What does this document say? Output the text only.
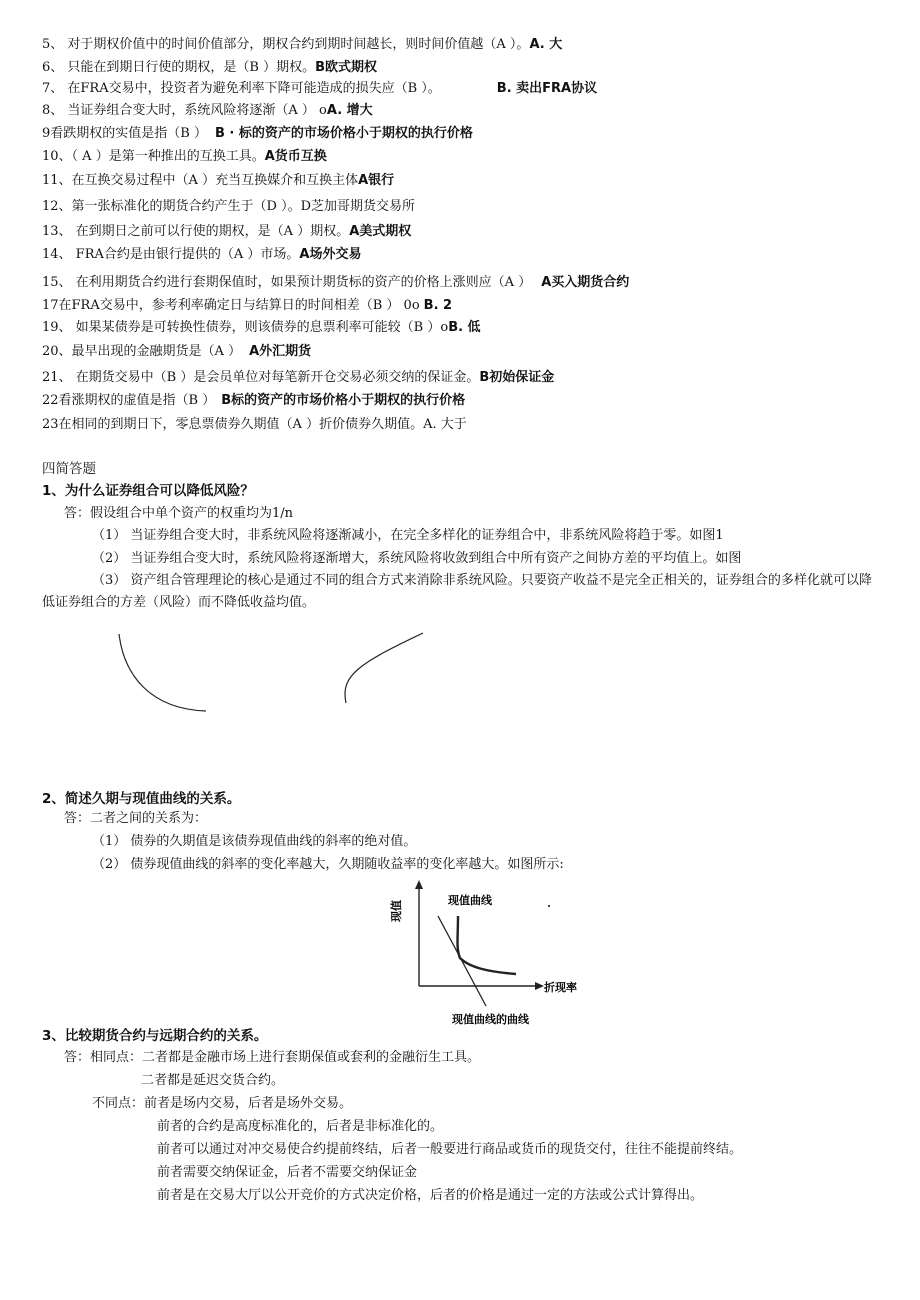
5、 对于期权价值中的时间价值部分，期权合约到期时间越长，则时间价值越（A ）。A. 大
6、 只能在到期日行使的期权，是（B ）期权。B欧式期权
7、 在FRA交易中，投资者为避免利率下降可能造成的损失应（B ）。	B. 卖出FRA协议
8、 当证券组合变大时，系统风险将逐渐（A ） oA. 增大
9看跌期权的实值是指（B ） B · 标的资产的市场价格小于期权的执行价格
10、（ A ）是第一种推出的互换工具。A货币互换
11、在互换交易过程中（A ）充当互换媒介和互换主体A银行
12、第一张标准化的期货合约产生于（D ）。D芝加哥期货交易所
13、 在到期日之前可以行使的期权，是（A ）期权。A美式期权
14、 FRA合约是由银行提供的（A ）市场。A场外交易
15、 在利用期货合约进行套期保值时，如果预计期货标的资产的价格上涨则应（A ） A买入期货合约
17在FRA交易中，参考利率确定日与结算日的时间相差（B ） 0o B. 2
19、 如果某债券是可转换性债券，则该债券的息票利率可能较（B ）oB. 低
20、最早出现的金融期货是（A ） A外汇期货
21、 在期货交易中（B ）是会员单位对每笔新开仓交易必须交纳的保证金。B初始保证金
22看涨期权的虚值是指（B ） B标的资产的市场价格小于期权的执行价格
23在相同的到期日下，零息票债券久期值（A ）折价债券久期值。A. 大于
四简答题
1、为什么证券组合可以降低风险？
答：假设组合中单个资产的权重均为1/n
（1） 当证券组合变大时，非系统风险将逐渐减小，在完全多样化的证券组合中，非系统风险将趋于零。如图1
（2） 当证券组合变大时，系统风险将逐渐增大，系统风险将收敛到组合中所有资产之间协方差的平均值上。如图
（3） 资产组合管理理论的核心是通过不同的组合方式来消除非系统风险。只要资产收益不是完全正相关的，证券组合的多样化就可以降低证券组合的方差（风险）而不降低收益均值。
2、简述久期与现值曲线的关系。
答：二者之间的关系为：
（1） 债券的久期值是该债券现值曲线的斜率的绝对值。
（2） 债券现值曲线的斜率的变化率越大，久期随收益率的变化率越大。如图所示:
现值	现值曲线
折现率
现值曲线的曲线
3、比较期货合约与远期合约的关系。
答：相同点：二者都是金融市场上进行套期保值或套利的金融衍生工具。
二者都是延迟交货合约。
不同点：前者是场内交易，后者是场外交易。
前者的合约是高度标准化的，后者是非标准化的。
前者可以通过对冲交易使合约提前终结，后者一般要进行商品或货币的现货交付，往往不能提前终结。
前者需要交纳保证金，后者不需要交纳保证金
前者是在交易大厅以公开竞价的方式决定价格，后者的价格是通过一定的方法或公式计算得出。
